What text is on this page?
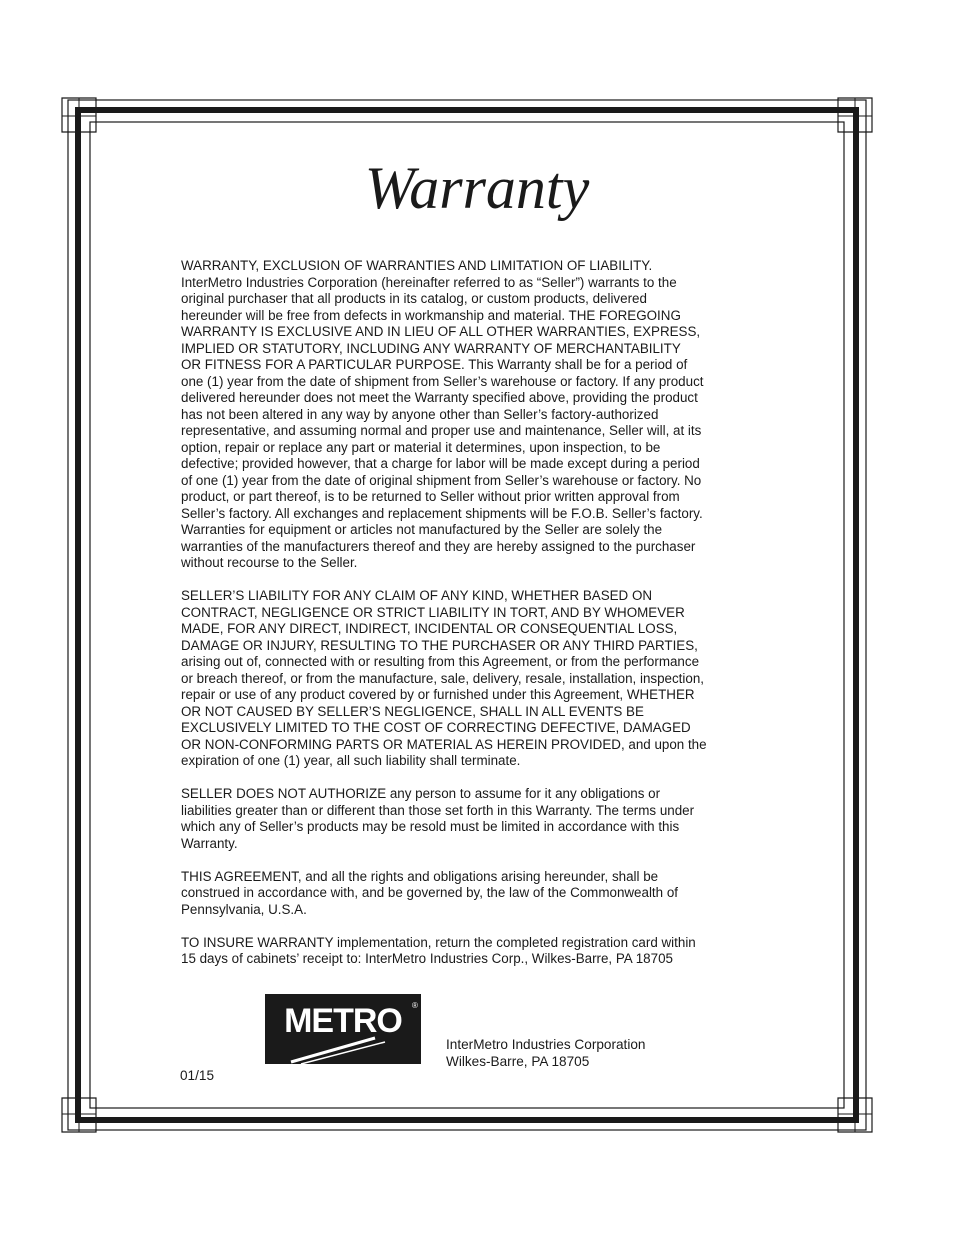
Warranty

WARRANTY, EXCLUSION OF WARRANTIES AND LIMITATION OF LIABILITY.
InterMetro Industries Corporation (hereinafter referred to as “Seller”) warrants to the
original purchaser that all products in its catalog, or custom products, delivered
hereunder will be free from defects in workmanship and material. THE FOREGOING
WARRANTY IS EXCLUSIVE AND IN LIEU OF ALL OTHER WARRANTIES, EXPRESS,
IMPLIED OR STATUTORY, INCLUDING ANY WARRANTY OF MERCHANTABILITY
OR FITNESS FOR A PARTICULAR PURPOSE. This Warranty shall be for a period of
one (1) year from the date of shipment from Seller’s warehouse or factory. If any product
delivered hereunder does not meet the Warranty specified above, providing the product
has not been altered in any way by anyone other than Seller’s factory-authorized
representative, and assuming normal and proper use and maintenance, Seller will, at its
option, repair or replace any part or material it determines, upon inspection, to be
defective; provided however, that a charge for labor will be made except during a period
of one (1) year from the date of original shipment from Seller’s warehouse or factory. No
product, or part thereof, is to be returned to Seller without prior written approval from
Seller’s factory. All exchanges and replacement shipments will be F.O.B. Seller’s factory.
Warranties for equipment or articles not manufactured by the Seller are solely the
warranties of the manufacturers thereof and they are hereby assigned to the purchaser
without recourse to the Seller.

SELLER’S LIABILITY FOR ANY CLAIM OF ANY KIND, WHETHER BASED ON
CONTRACT, NEGLIGENCE OR STRICT LIABILITY IN TORT, AND BY WHOMEVER
MADE, FOR ANY DIRECT, INDIRECT, INCIDENTAL OR CONSEQUENTIAL LOSS,
DAMAGE OR INJURY, RESULTING TO THE PURCHASER OR ANY THIRD PARTIES,
arising out of, connected with or resulting from this Agreement, or from the performance
or breach thereof, or from the manufacture, sale, delivery, resale, installation, inspection,
repair or use of any product covered by or furnished under this Agreement, WHETHER
OR NOT CAUSED BY SELLER’S NEGLIGENCE, SHALL IN ALL EVENTS BE
EXCLUSIVELY LIMITED TO THE COST OF CORRECTING DEFECTIVE, DAMAGED
OR NON-CONFORMING PARTS OR MATERIAL AS HEREIN PROVIDED, and upon the
expiration of one (1) year, all such liability shall terminate.

SELLER DOES NOT AUTHORIZE any person to assume for it any obligations or
liabilities greater than or different than those set forth in this Warranty. The terms under
which any of Seller’s products may be resold must be limited in accordance with this
Warranty.

THIS AGREEMENT, and all the rights and obligations arising hereunder, shall be
construed in accordance with, and be governed by, the law of the Commonwealth of
Pennsylvania, U.S.A.

TO INSURE WARRANTY implementation, return the completed registration card within
15 days of cabinets’ receipt to: InterMetro Industries Corp., Wilkes-Barre, PA 18705

METRO ®
InterMetro Industries Corporation
Wilkes-Barre, PA 18705
01/15
